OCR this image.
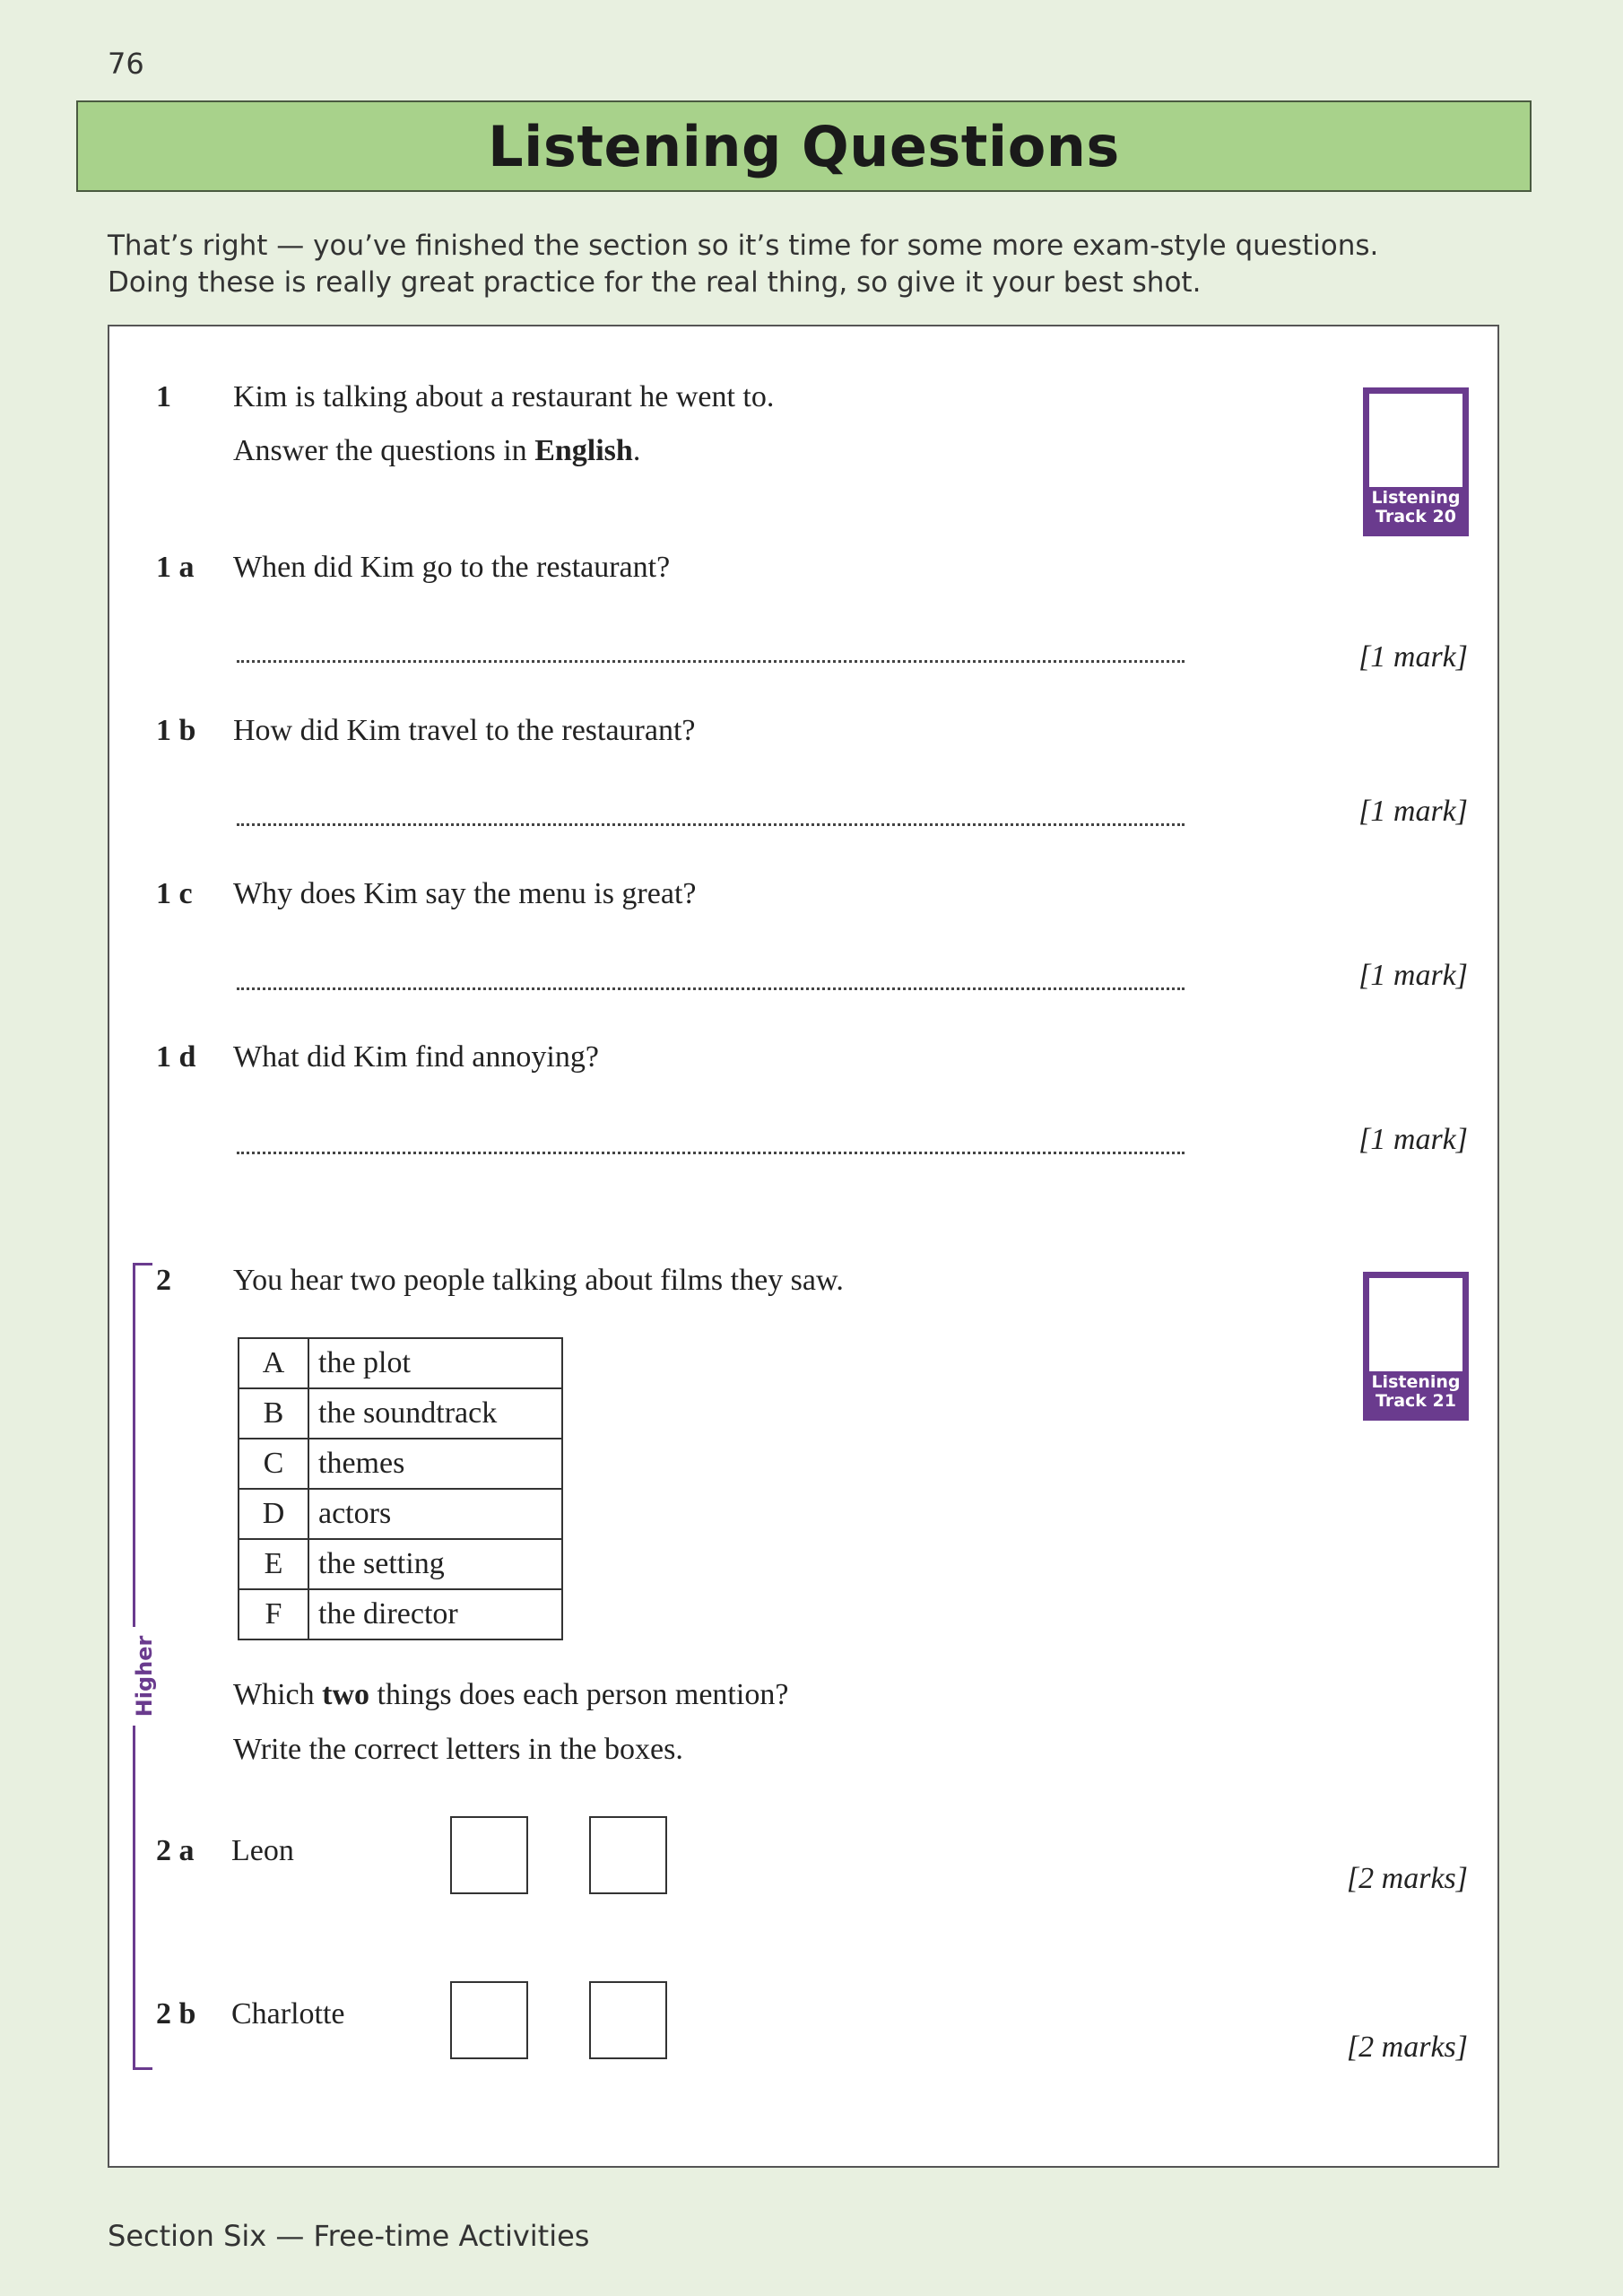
76
Listening Questions
That’s right — you’ve finished the section so it’s time for some more exam-style questions.
Doing these is really great practice for the real thing, so give it your best shot.
1 Kim is talking about a restaurant he went to.
Answer the questions in English.
Listening
Track 20
1 a When did Kim go to the restaurant?
[1 mark]
1 b How did Kim travel to the restaurant?
[1 mark]
1 c Why does Kim say the menu is great?
[1 mark]
1 d What did Kim find annoying?
[1 mark]
Higher
2 You hear two people talking about films they saw.
Listening
Track 21
A	the plot
B	the soundtrack
C	themes
D	actors
E	the setting
F	the director
Which two things does each person mention?
Write the correct letters in the boxes.
2 a Leon
[2 marks]
2 b Charlotte
[2 marks]
Section Six — Free-time Activities
